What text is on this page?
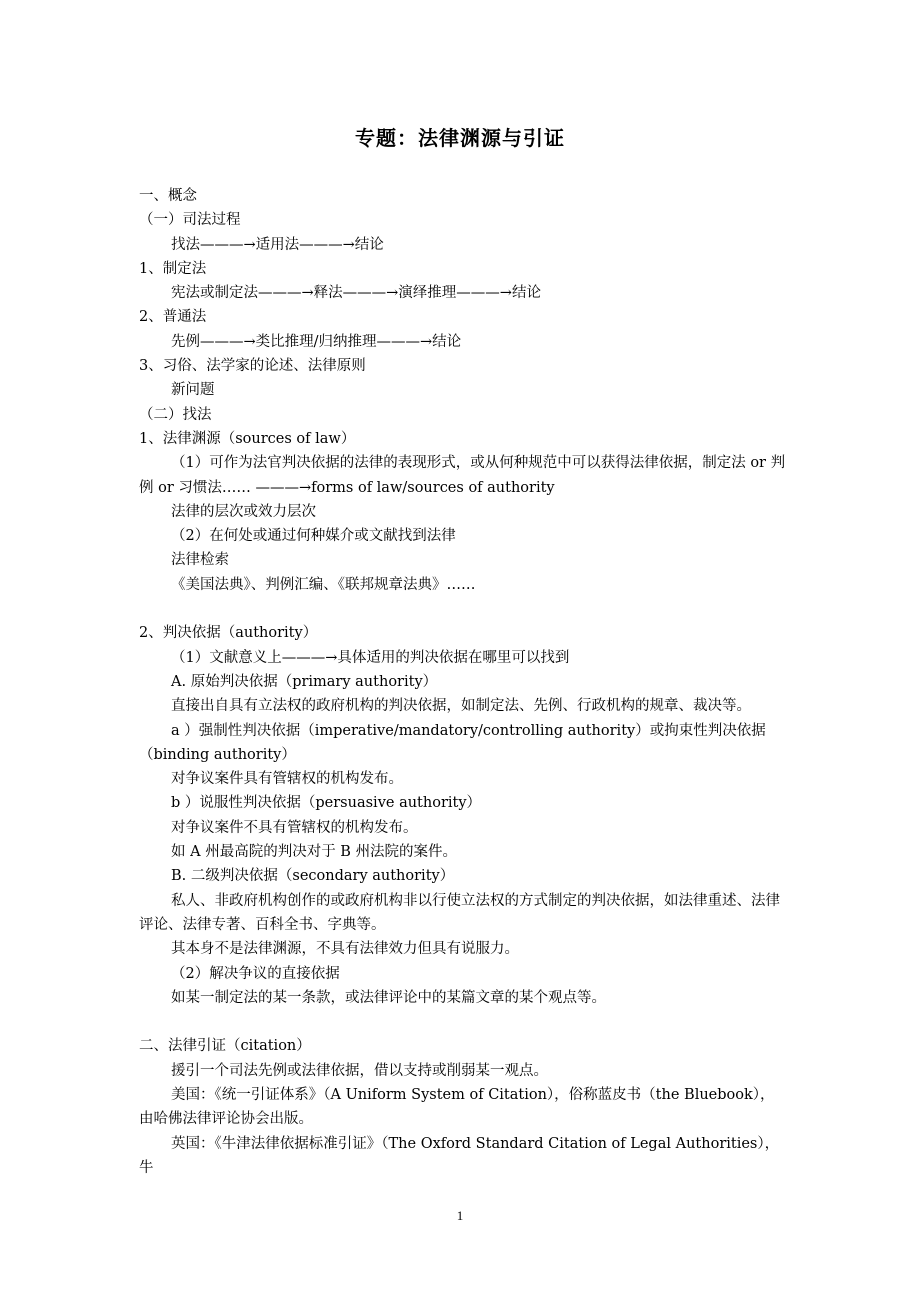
专题：法律渊源与引证
一、概念
（一）司法过程
找法———→适用法———→结论
1、制定法
宪法或制定法———→释法———→演绎推理———→结论
2、普通法
先例———→类比推理/归纳推理———→结论
3、习俗、法学家的论述、法律原则
新问题
（二）找法
1、法律渊源（sources of law）
（1）可作为法官判决依据的法律的表现形式，或从何种规范中可以获得法律依据，制定法 or 判例 or 习惯法…… ———→forms of law/sources of authority
法律的层次或效力层次
（2）在何处或通过何种媒介或文献找到法律
法律检索
《美国法典》、判例汇编、《联邦规章法典》……
2、判决依据（authority）
（1）文献意义上———→具体适用的判决依据在哪里可以找到
A. 原始判决依据（primary authority）
直接出自具有立法权的政府机构的判决依据，如制定法、先例、行政机构的规章、裁决等。
a ）强制性判决依据（imperative/mandatory/controlling authority）或拘束性判决依据（binding authority）
对争议案件具有管辖权的机构发布。
b ）说服性判决依据（persuasive authority）
对争议案件不具有管辖权的机构发布。
如 A 州最高院的判决对于 B 州法院的案件。
B. 二级判决依据（secondary authority）
私人、非政府机构创作的或政府机构非以行使立法权的方式制定的判决依据，如法律重述、法律评论、法律专著、百科全书、字典等。
其本身不是法律渊源，不具有法律效力但具有说服力。
（2）解决争议的直接依据
如某一制定法的某一条款，或法律评论中的某篇文章的某个观点等。
二、法律引证（citation）
援引一个司法先例或法律依据，借以支持或削弱某一观点。
美国：《统一引证体系》（A Uniform System of Citation），俗称蓝皮书（the Bluebook），由哈佛法律评论协会出版。
英国：《牛津法律依据标准引证》（The Oxford Standard Citation of Legal Authorities），牛
1
